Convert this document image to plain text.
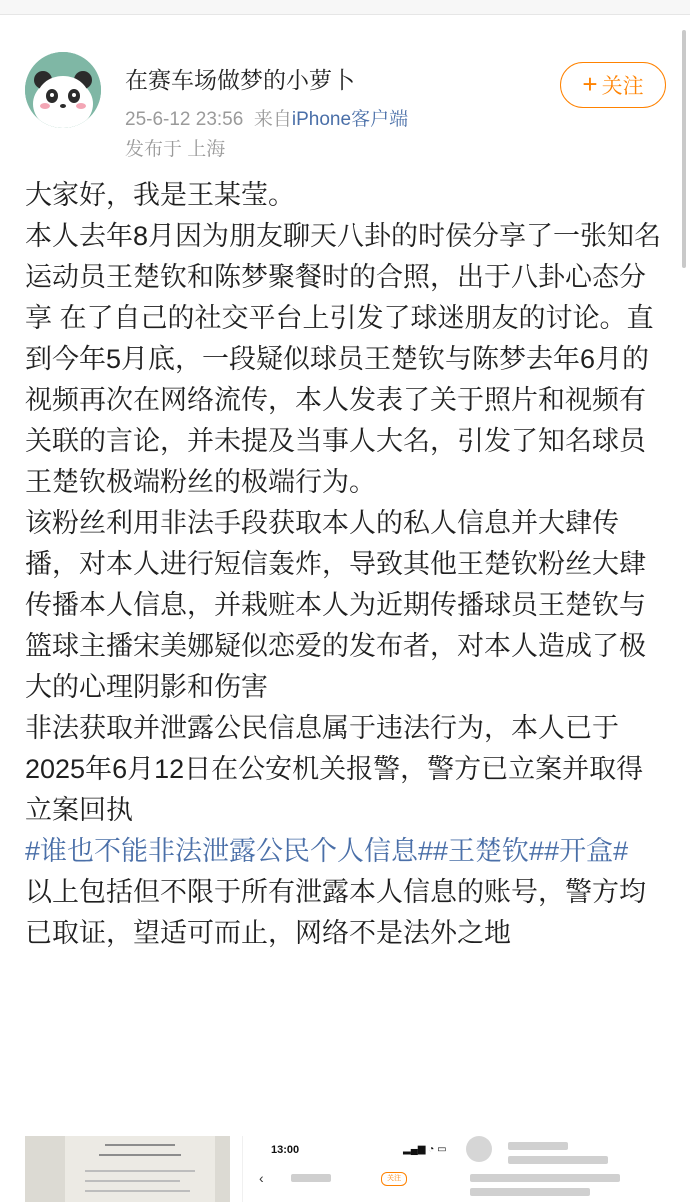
在赛车场做梦的小萝卜
25-6-12 23:56 来自iPhone客户端
发布于 上海
+ 关注

大家好，我是王某莹。

本人去年8月因为朋友聊天八卦的时侯分享了一张知名运动员王楚钦和陈梦聚餐时的合照，出于八卦心态分享 在了自己的社交平台上引发了球迷朋友的讨论。直到今年5月底，一段疑似球员王楚钦与陈梦去年6月的视频再次在网络流传，本人发表了关于照片和视频有关联的言论，并未提及当事人大名，引发了知名球员王楚钦极端粉丝的极端行为。

该粉丝利用非法手段获取本人的私人信息并大肆传播，对本人进行短信轰炸，导致其他王楚钦粉丝大肆传播本人信息，并栽赃本人为近期传播球员王楚钦与篮球主播宋美娜疑似恋爱的发布者，对本人造成了极大的心理阴影和伤害

非法获取并泄露公民信息属于违法行为，本人已于2025年6月12日在公安机关报警，警方已立案并取得立案回执

#谁也不能非法泄露公民个人信息##王楚钦##开盒#

以上包括但不限于所有泄露本人信息的账号，警方均已取证，望适可而止，网络不是法外之地

13:00	▂▄▆ ◔ ▭
‹	关注
